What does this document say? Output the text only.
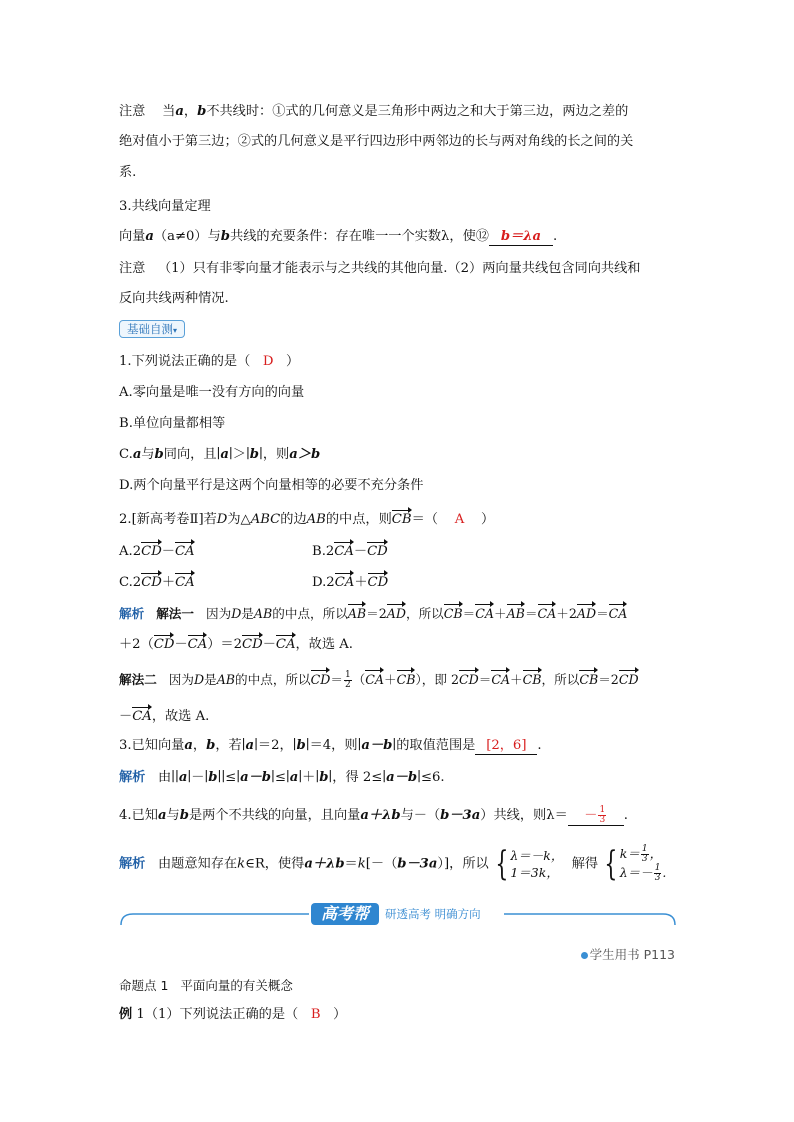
注意 当a，b不共线时：①式的几何意义是三角形中两边之和大于第三边，两边之差的
绝对值小于第三边；②式的几何意义是平行四边形中两邻边的长与两对角线的长之间的关
系.
3.共线向量定理
向量a（a≠0）与b共线的充要条件：存在唯一一个实数λ，使⑫ b＝λa .
注意 （1）只有非零向量才能表示与之共线的其他向量.（2）两向量共线包含同向共线和
反向共线两种情况.
基础自测▾
1.下列说法正确的是（ D ）
A.零向量是唯一没有方向的向量
B.单位向量都相等
C.a与b同向，且∣a∣＞∣b∣，则a＞b
D.两个向量平行是这两个向量相等的必要不充分条件
2.[新高考卷Ⅱ]若D为△ABC的边AB的中点，则CB＝（ A ）
A.2CD－CA	B.2CA－CD
C.2CD＋CA	D.2CA＋CD
解析 解法一 因为D是AB的中点，所以AB＝2AD，所以CB＝CA＋AB＝CA＋2AD＝CA
＋2（CD－CA）＝2CD－CA，故选 A.
解法二 因为D是AB的中点，所以$CD= \frac{1}{2} (CA+CB)$，即 2CD＝CA＋CB，所以CB＝2CD
－CA，故选 A.
3.已知向量a，b，若∣a∣＝2，∣b∣＝4，则∣a－b∣的取值范围是 [2，6] .
解析 由∣∣a∣－∣b∣∣≤∣a－b∣≤∣a∣＋∣b∣，得 2≤∣a－b∣≤6.
4.已知a与b是两个不共线的向量，且向量a＋λb与－（b－3a）共线，则$\lambda= - \frac{1}{3}$ .
解析 由题意知存在k∈R，使得a＋λb＝k[－（b－3a）]，所以 { λ＝－k，
1＝3k，
解得 { $k= \frac{1}{3}$ ，
$\lambda=- \frac{1}{3}$ .
高考帮	研透高考 明确方向
学生用书 P113
命题点 1 平面向量的有关概念
例 1（1）下列说法正确的是（ B ）
